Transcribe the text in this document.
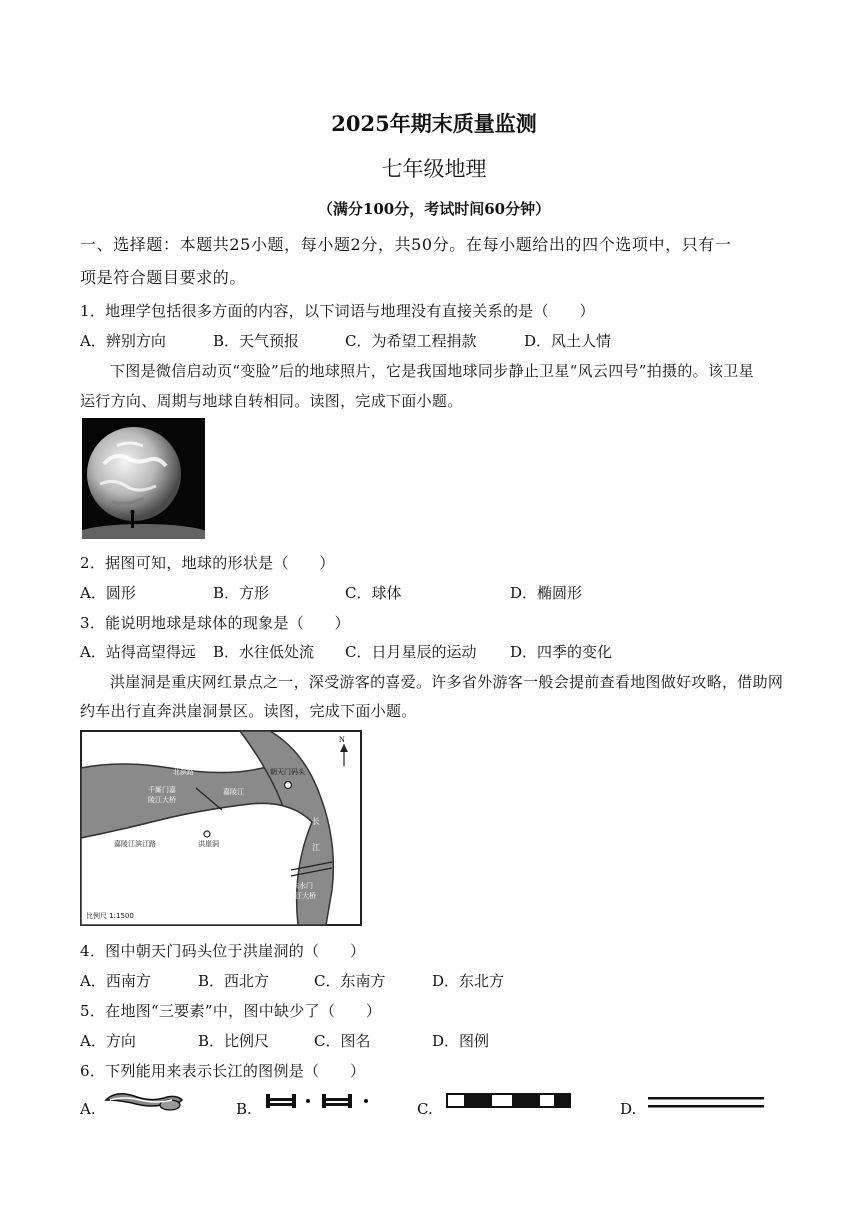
2025年期末质量监测
七年级地理
（满分100分，考试时间60分钟）
一、选择题：本题共25小题，每小题2分，共50分。在每小题给出的四个选项中，只有一
项是符合题目要求的。
1．地理学包括很多方面的内容，以下词语与地理没有直接关系的是（　　）
A．辨别方向	B．天气预报	C．为希望工程捐款	D．风土人情
下图是微信启动页“变脸”后的地球照片，它是我国地球同步静止卫星“风云四号”拍摄的。该卫星
运行方向、周期与地球自转相同。读图，完成下面小题。
2．据图可知，地球的形状是（　　）
A．圆形	B．方形	C．球体	D．椭圆形
3．能说明地球是球体的现象是（　　）
A．站得高望得远 B．水往低处流 C．日月星辰的运动 D．四季的变化
洪崖洞是重庆网红景点之一，深受游客的喜爱。许多省外游客一般会提前查看地图做好攻略，借助网
约车出行直奔洪崖洞景区。读图，完成下面小题。
N
北滨路	朝天门码头
千厮门嘉
陵江大桥
嘉陵江
长
江
嘉陵江滨江路	洪崖洞
东水门
长江大桥
比例尺 1:1500
4．图中朝天门码头位于洪崖洞的（　　）
A．西南方	B．西北方	C．东南方	D．东北方
5．在地图“三要素”中，图中缺少了（　　）
A．方向	B．比例尺	C．图名	D．图例
6．下列能用来表示长江的图例是（　　）
A.	B.	C.	D.
